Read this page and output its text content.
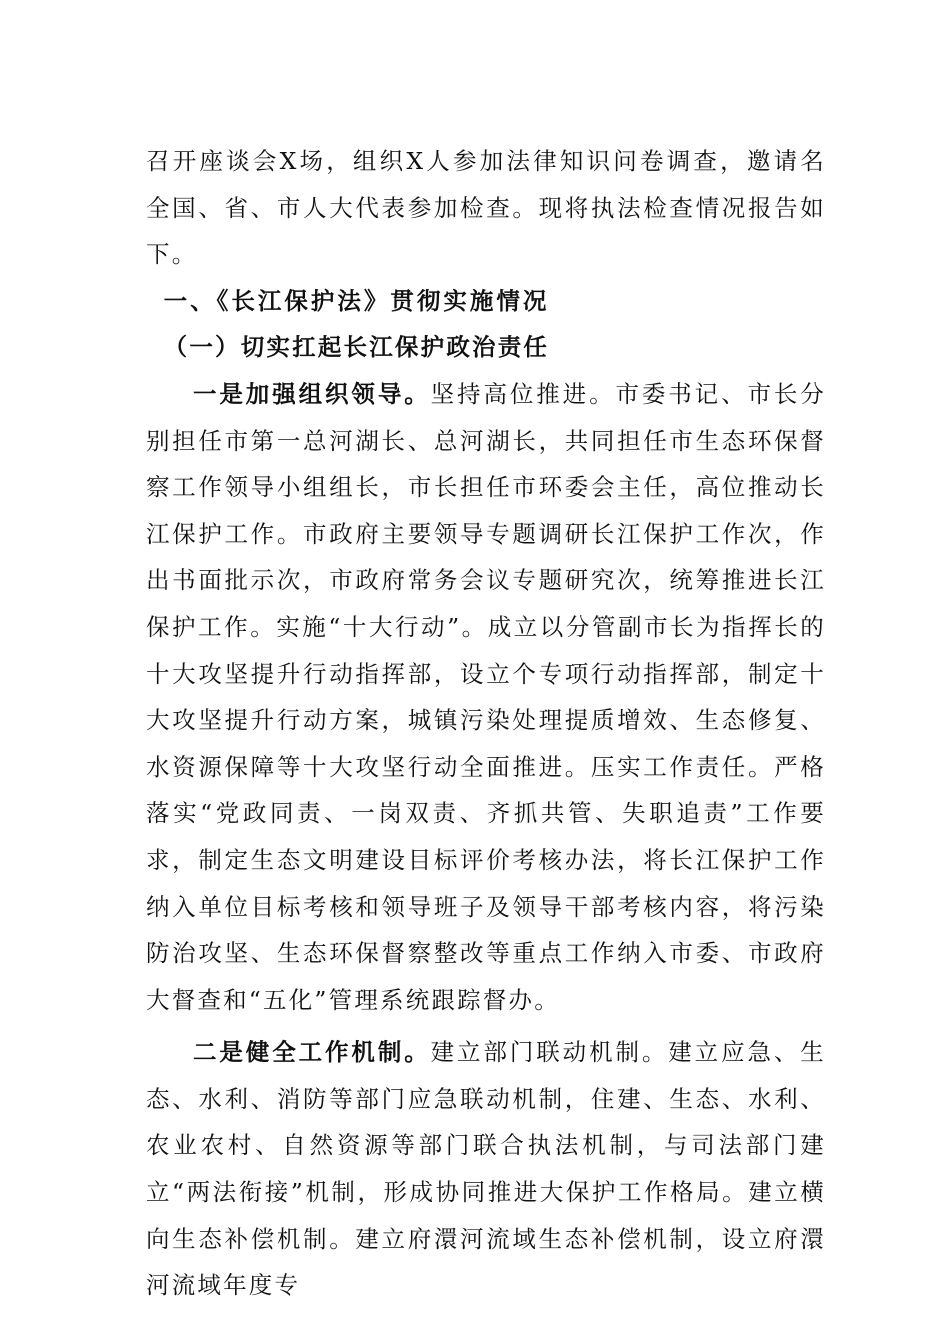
召开座谈会X场，组织X人参加法律知识问卷调查，邀请名全国、省、市人大代表参加检查。现将执法检查情况报告如下。

一、《长江保护法》贯彻实施情况

（一）切实扛起长江保护政治责任

一是加强组织领导。坚持高位推进。市委书记、市长分别担任市第一总河湖长、总河湖长，共同担任市生态环保督察工作领导小组组长，市长担任市环委会主任，高位推动长江保护工作。市政府主要领导专题调研长江保护工作次，作出书面批示次，市政府常务会议专题研究次，统筹推进长江保护工作。实施“十大行动”。成立以分管副市长为指挥长的十大攻坚提升行动指挥部，设立个专项行动指挥部，制定十大攻坚提升行动方案，城镇污染处理提质增效、生态修复、水资源保障等十大攻坚行动全面推进。压实工作责任。严格落实“党政同责、一岗双责、齐抓共管、失职追责”工作要求，制定生态文明建设目标评价考核办法，将长江保护工作纳入单位目标考核和领导班子及领导干部考核内容，将污染防治攻坚、生态环保督察整改等重点工作纳入市委、市政府大督查和“五化”管理系统跟踪督办。

二是健全工作机制。建立部门联动机制。建立应急、生态、水利、消防等部门应急联动机制，住建、生态、水利、农业农村、自然资源等部门联合执法机制，与司法部门建立“两法衔接”机制，形成协同推进大保护工作格局。建立横向生态补偿机制。建立府澴河流域生态补偿机制，设立府澴河流域年度专
